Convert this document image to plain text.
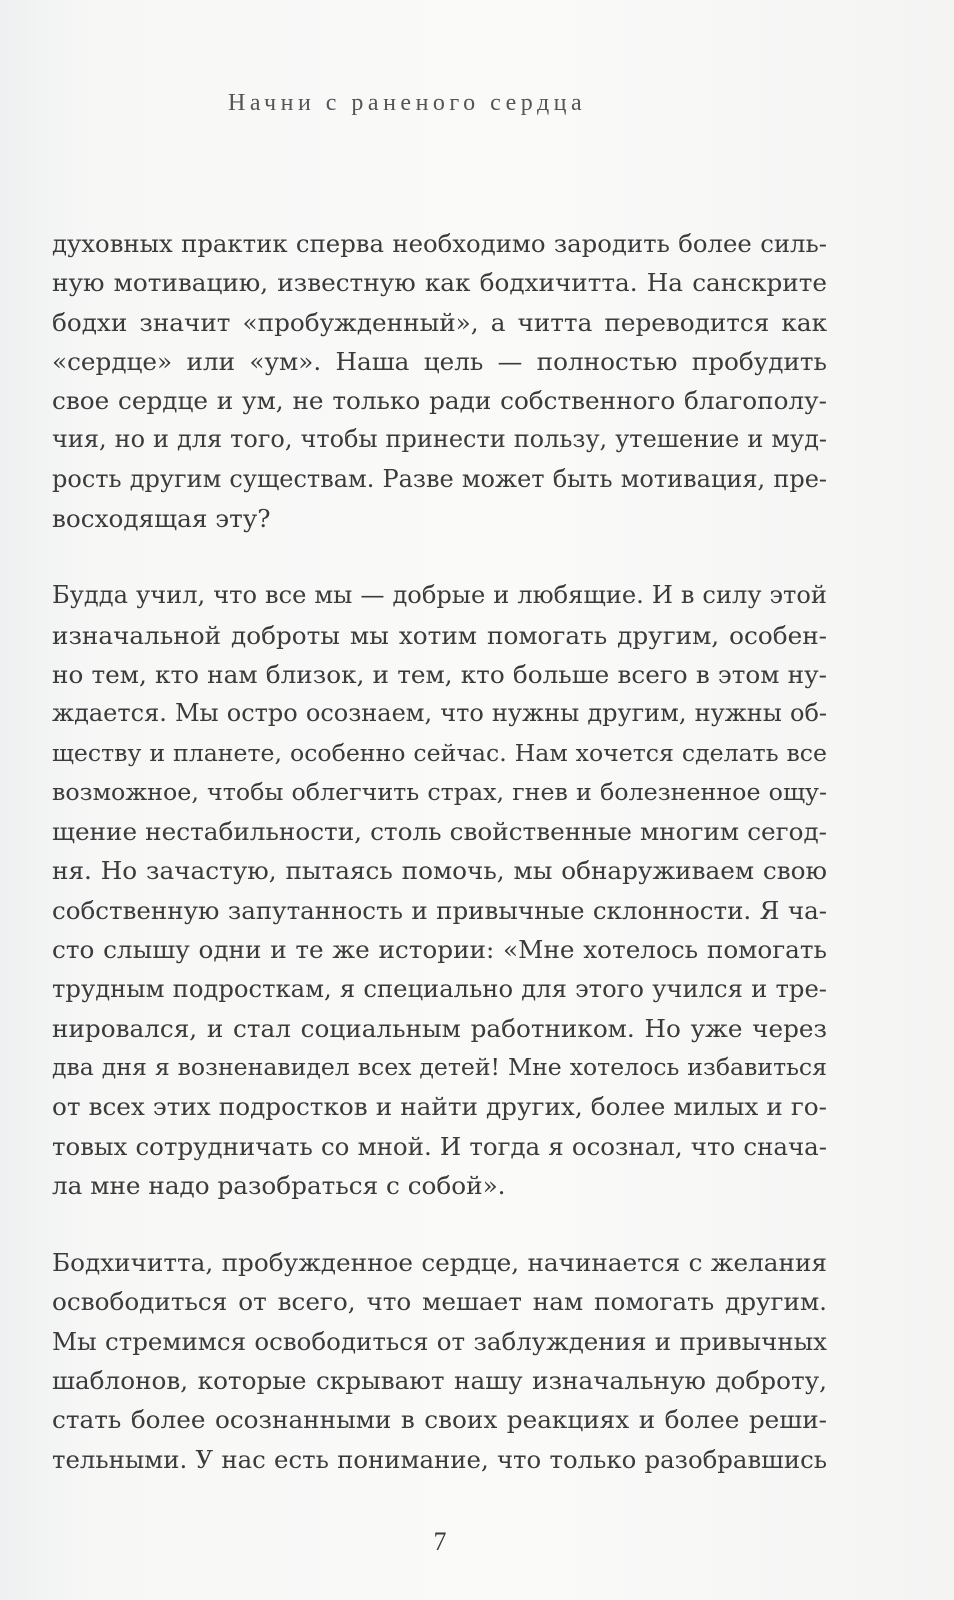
Начни с раненого сердца

духовных практик сперва необходимо зародить более силь-
ную мотивацию, известную как бодхичитта. На санскрите
бодхи значит «пробужденный», а читта переводится как
«сердце» или «ум». Наша цель — полностью пробудить
свое сердце и ум, не только ради собственного благополу-
чия, но и для того, чтобы принести пользу, утешение и муд-
рость другим существам. Разве может быть мотивация, пре-
восходящая эту?

Будда учил, что все мы — добрые и любящие. И в силу этой
изначальной доброты мы хотим помогать другим, особен-
но тем, кто нам близок, и тем, кто больше всего в этом ну-
ждается. Мы остро осознаем, что нужны другим, нужны об-
ществу и планете, особенно сейчас. Нам хочется сделать все
возможное, чтобы облегчить страх, гнев и болезненное ощу-
щение нестабильности, столь свойственные многим сегод-
ня. Но зачастую, пытаясь помочь, мы обнаруживаем свою
собственную запутанность и привычные склонности. Я ча-
сто слышу одни и те же истории: «Мне хотелось помогать
трудным подросткам, я специально для этого учился и тре-
нировался, и стал социальным работником. Но уже через
два дня я возненавидел всех детей! Мне хотелось избавиться
от всех этих подростков и найти других, более милых и го-
товых сотрудничать со мной. И тогда я осознал, что снача-
ла мне надо разобраться с собой».

Бодхичитта, пробужденное сердце, начинается с желания
освободиться от всего, что мешает нам помогать другим.
Мы стремимся освободиться от заблуждения и привычных
шаблонов, которые скрывают нашу изначальную доброту,
стать более осознанными в своих реакциях и более реши-
тельными. У нас есть понимание, что только разобравшись

7
